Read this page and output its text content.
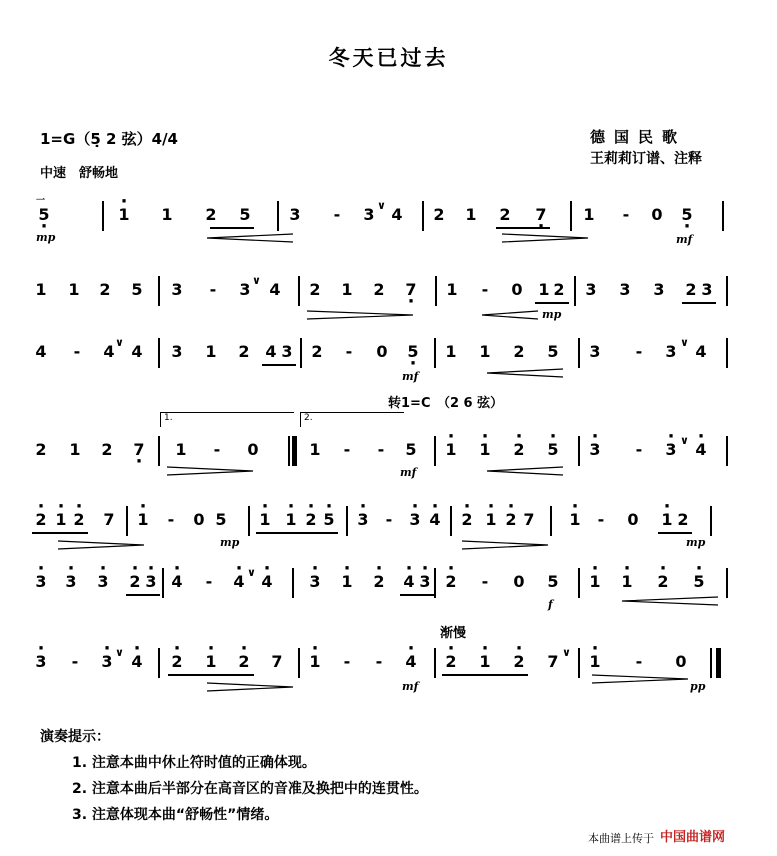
冬天已过去
1=G（5̣ 2 弦）4/4
中速　舒畅地
德国民歌
王莉莉订谱、注释
转1=C　（2 6 弦）
渐慢
一
5 ·	· 1 1 2 5 3	-	3 ∨ 4 2 1 2 7 · 1	-	0 5 ·
mp	mf
1 1 2 5 3	-	3 ∨ 4 2 1 2 7 · 1	-	0 1 2 3 3 3 2 3
mp
4	-	4 ∨ 4 3 1 2 4 3 2	-	0 5 · 1 1 2 5 3	-	3 ∨ 4
mf
2 1 2 7 ·
1.
1	-	0
2.
1	-	-	5 · 1 · 1 · 2 · 5 · 3	-	· 3 ∨ · 4
mf
· 2 · 1 · 2 7 · 1	-	0 5 · 1 · 1 · 2 · 5 · 3	-	· 3 · 4 · 2 · 1 · 2 7 · 1	-	0 · 1 2
mp	mp
· 3 · 3 · 3 · 2 · 3 · 4	-	· 4 ∨ · 4 · 3 · 1 · 2 · 4 · 3 · 2	-	0 5 · 1 · 1 · 2 · 5
f
· 3	-	· 3 ∨ · 4 · 2 · 1 · 2 7 · 1	-	-	· 4 · 2 · 1 · 2 7 ∨ · 1	-	0
mf	pp
演奏提示：
1. 注意本曲中休止符时值的正确体现。
2. 注意本曲后半部分在高音区的音准及换把中的连贯性。
3. 注意体现本曲“舒畅性”情绪。
本曲谱上传于 中国曲谱网
